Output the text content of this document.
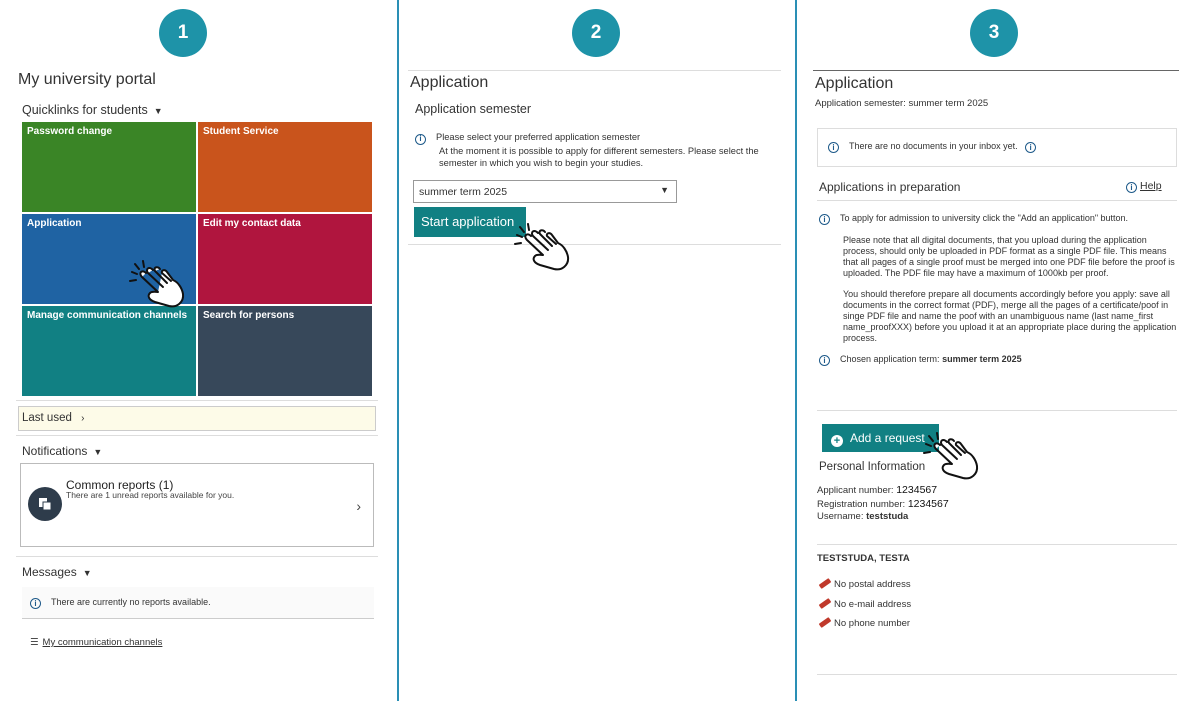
1	2	3
My university portal
Quicklinks for students ▼
Password change	Student Service
Application	Edit my contact data
Manage communication channels	Search for persons
Last used ›
Notifications ▼
Common reports (1)
There are 1 unread reports available for you.
›
Messages ▼
i There are currently no reports available.
☰ My communication channels
Application
Application semester
i Please select your preferred application semester
At the moment it is possible to apply for different semesters. Please select the semester in which you wish to begin your studies.
summer term 2025	▼
Start application
Application
Application semester: summer term 2025
i There are no documents in your inbox yet. i
Applications in preparation	i Help

i To apply for admission to university click the "Add an application" button.

Please note that all digital documents, that you upload during the application process, should only be uploaded in PDF format as a single PDF file. This means that all pages of a single proof must be merged into one PDF file before the proof is uploaded. The PDF file may have a maximum of 1000kb per proof.

You should therefore prepare all documents accordingly before you apply: save all documents in the correct format (PDF), merge all the pages of a certificate/poof in singe PDF file and name the poof with an unambiguous name (last name_first name_proofXXX) before you upload it at an appropriate place during the application process.

i Chosen application term: summer term 2025

+ Add a request
Personal Information
Applicant number: 1234567
Registration number: 1234567
Username: teststuda
TESTSTUDA, TESTA
No postal address
No e-mail address
No phone number
